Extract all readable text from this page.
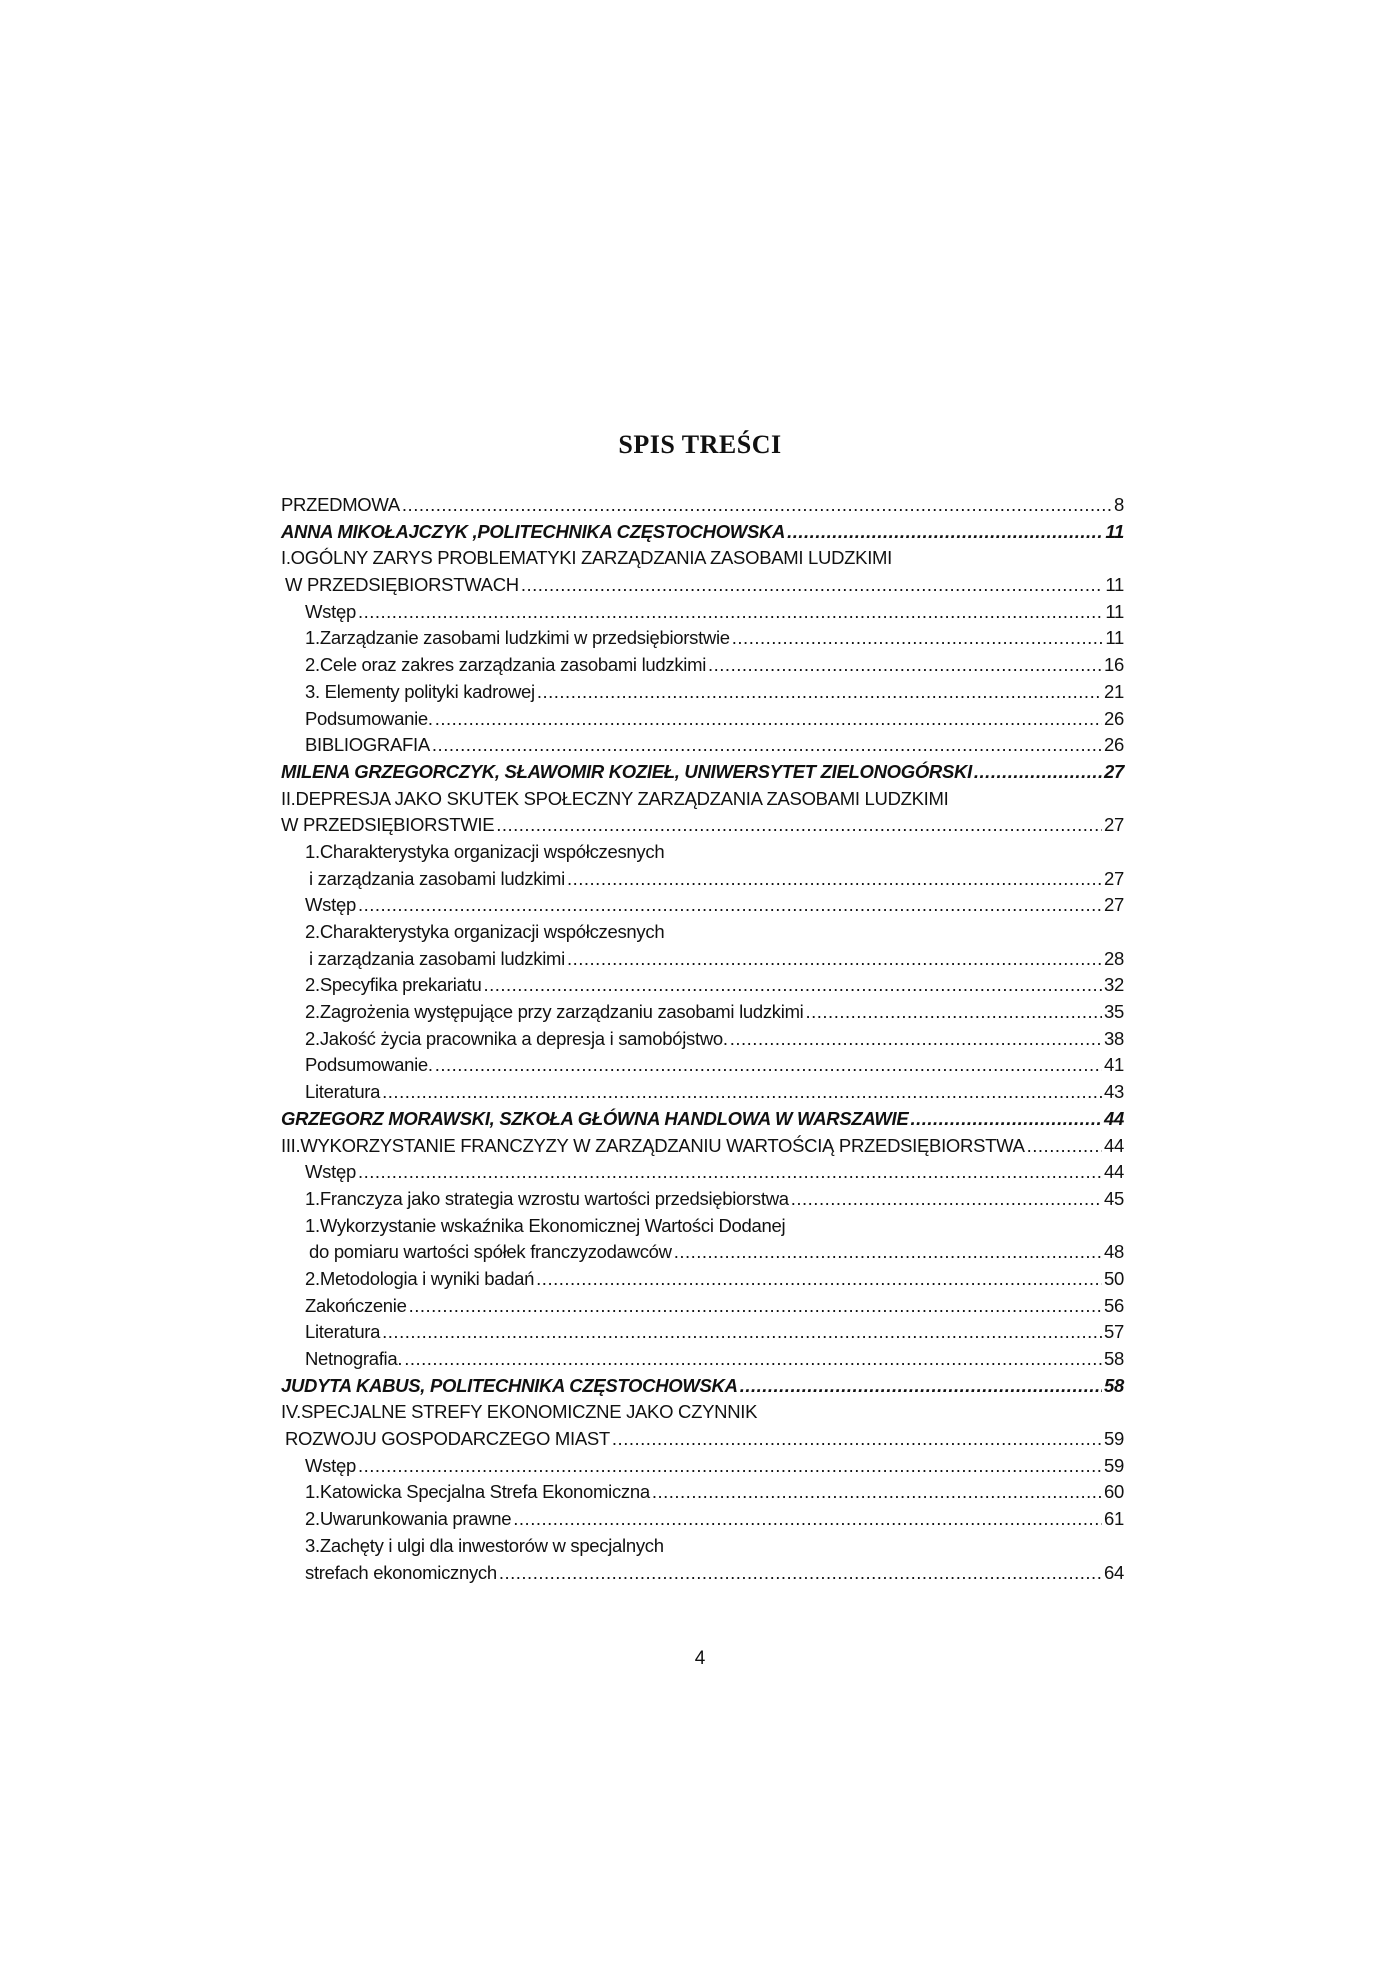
SPIS TREŚCI
PRZEDMOWA .....	8
ANNA MIKOŁAJCZYK ,POLITECHNIKA CZĘSTOCHOWSKA .....	11
I.OGÓLNY ZARYS PROBLEMATYKI ZARZĄDZANIA ZASOBAMI LUDZKIMI
W PRZEDSIĘBIORSTWACH .....	11
Wstęp .....	11
1.Zarządzanie zasobami ludzkimi w przedsiębiorstwie .....	11
2.Cele oraz zakres zarządzania zasobami ludzkimi .....	16
3. Elementy polityki kadrowej .....	21
Podsumowanie. .....	26
BIBLIOGRAFIA .....	26
MILENA GRZEGORCZYK, SŁAWOMIR KOZIEŁ, UNIWERSYTET ZIELONOGÓRSKI .....	27
II.DEPRESJA JAKO SKUTEK SPOŁECZNY ZARZĄDZANIA ZASOBAMI LUDZKIMI
W PRZEDSIĘBIORSTWIE .....	27
1.Charakterystyka organizacji współczesnych
i zarządzania zasobami ludzkimi .....	27
Wstęp .....	27
2.Charakterystyka organizacji współczesnych
i zarządzania zasobami ludzkimi .....	28
2.Specyfika prekariatu .....	32
2.Zagrożenia występujące przy zarządzaniu zasobami ludzkimi .....	35
2.Jakość życia pracownika a depresja i samobójstwo. .....	38
Podsumowanie. .....	41
Literatura .....	43
GRZEGORZ MORAWSKI, SZKOŁA GŁÓWNA HANDLOWA W WARSZAWIE .....	44
III.WYKORZYSTANIE FRANCZYZY W ZARZĄDZANIU WARTOŚCIĄ PRZEDSIĘBIORSTWA .....	44
Wstęp .....	44
1.Franczyza jako strategia wzrostu wartości przedsiębiorstwa .....	45
1.Wykorzystanie wskaźnika Ekonomicznej Wartości Dodanej
do pomiaru wartości spółek franczyzodawców .....	48
2.Metodologia i wyniki badań .....	50
Zakończenie .....	56
Literatura .....	57
Netnografia. .....	58
JUDYTA KABUS, POLITECHNIKA CZĘSTOCHOWSKA .....	58
IV.SPECJALNE STREFY EKONOMICZNE JAKO CZYNNIK
ROZWOJU GOSPODARCZEGO MIAST .....	59
Wstęp .....	59
1.Katowicka Specjalna Strefa Ekonomiczna .....	60
2.Uwarunkowania prawne .....	61
3.Zachęty i ulgi dla inwestorów w specjalnych
strefach ekonomicznych .....	64
4
